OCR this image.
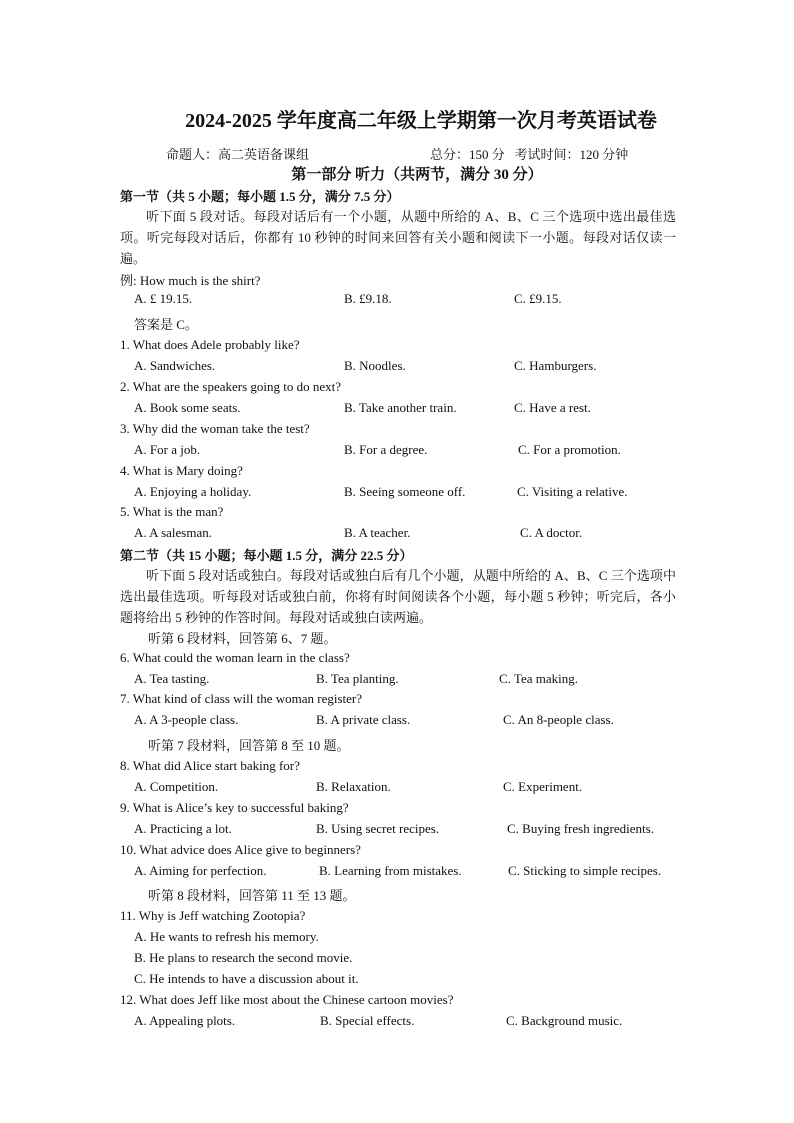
2024-2025 学年度高二年级上学期第一次月考英语试卷
命题人：高二英语备课组	总分：150 分   考试时间：120 分钟
第一部分 听力（共两节，满分 30 分）
第一节（共 5 小题；每小题 1.5 分，满分 7.5 分）

听下面 5 段对话。每段对话后有一个小题，从题中所给的 A、B、C 三个选项中选出最佳选项。听完每段对话后，你都有 10 秒钟的时间来回答有关小题和阅读下一小题。每段对话仅读一遍。

例: How much is the shirt?
A. £ 19.15.	B. £9.18.	C. £9.15.
答案是 C。
1. What does Adele probably like?
A. Sandwiches.	B. Noodles.	C. Hamburgers.
2. What are the speakers going to do next?
A. Book some seats.	B. Take another train.	C. Have a rest.
3. Why did the woman take the test?
A. For a job.	B. For a degree.	C. For a promotion.
4. What is Mary doing?
A. Enjoying a holiday.	B. Seeing someone off.	C. Visiting a relative.
5. What is the man?
A. A salesman.	B. A teacher.	C. A doctor.
第二节（共 15 小题；每小题 1.5 分，满分 22.5 分）

听下面 5 段对话或独白。每段对话或独白后有几个小题，从题中所给的 A、B、C 三个选项中选出最佳选项。听每段对话或独白前，你将有时间阅读各个小题，每小题 5 秒钟；听完后，各小题将给出 5 秒钟的作答时间。每段对话或独白读两遍。

听第 6 段材料，回答第 6、7 题。
6. What could the woman learn in the class?
A. Tea tasting.	B. Tea planting.	C. Tea making.
7. What kind of class will the woman register?
A. A 3-people class.	B. A private class.	C. An 8-people class.
听第 7 段材料，回答第 8 至 10 题。
8. What did Alice start baking for?
A. Competition.	B. Relaxation.	C. Experiment.
9. What is Alice’s key to successful baking?
A. Practicing a lot.	B. Using secret recipes.	C. Buying fresh ingredients.
10. What advice does Alice give to beginners?
A. Aiming for perfection.	B. Learning from mistakes.	C. Sticking to simple recipes.
听第 8 段材料，回答第 11 至 13 题。
11. Why is Jeff watching Zootopia?
A. He wants to refresh his memory.
B. He plans to research the second movie.
C. He intends to have a discussion about it.
12. What does Jeff like most about the Chinese cartoon movies?
A. Appealing plots.	B. Special effects.	C. Background music.
